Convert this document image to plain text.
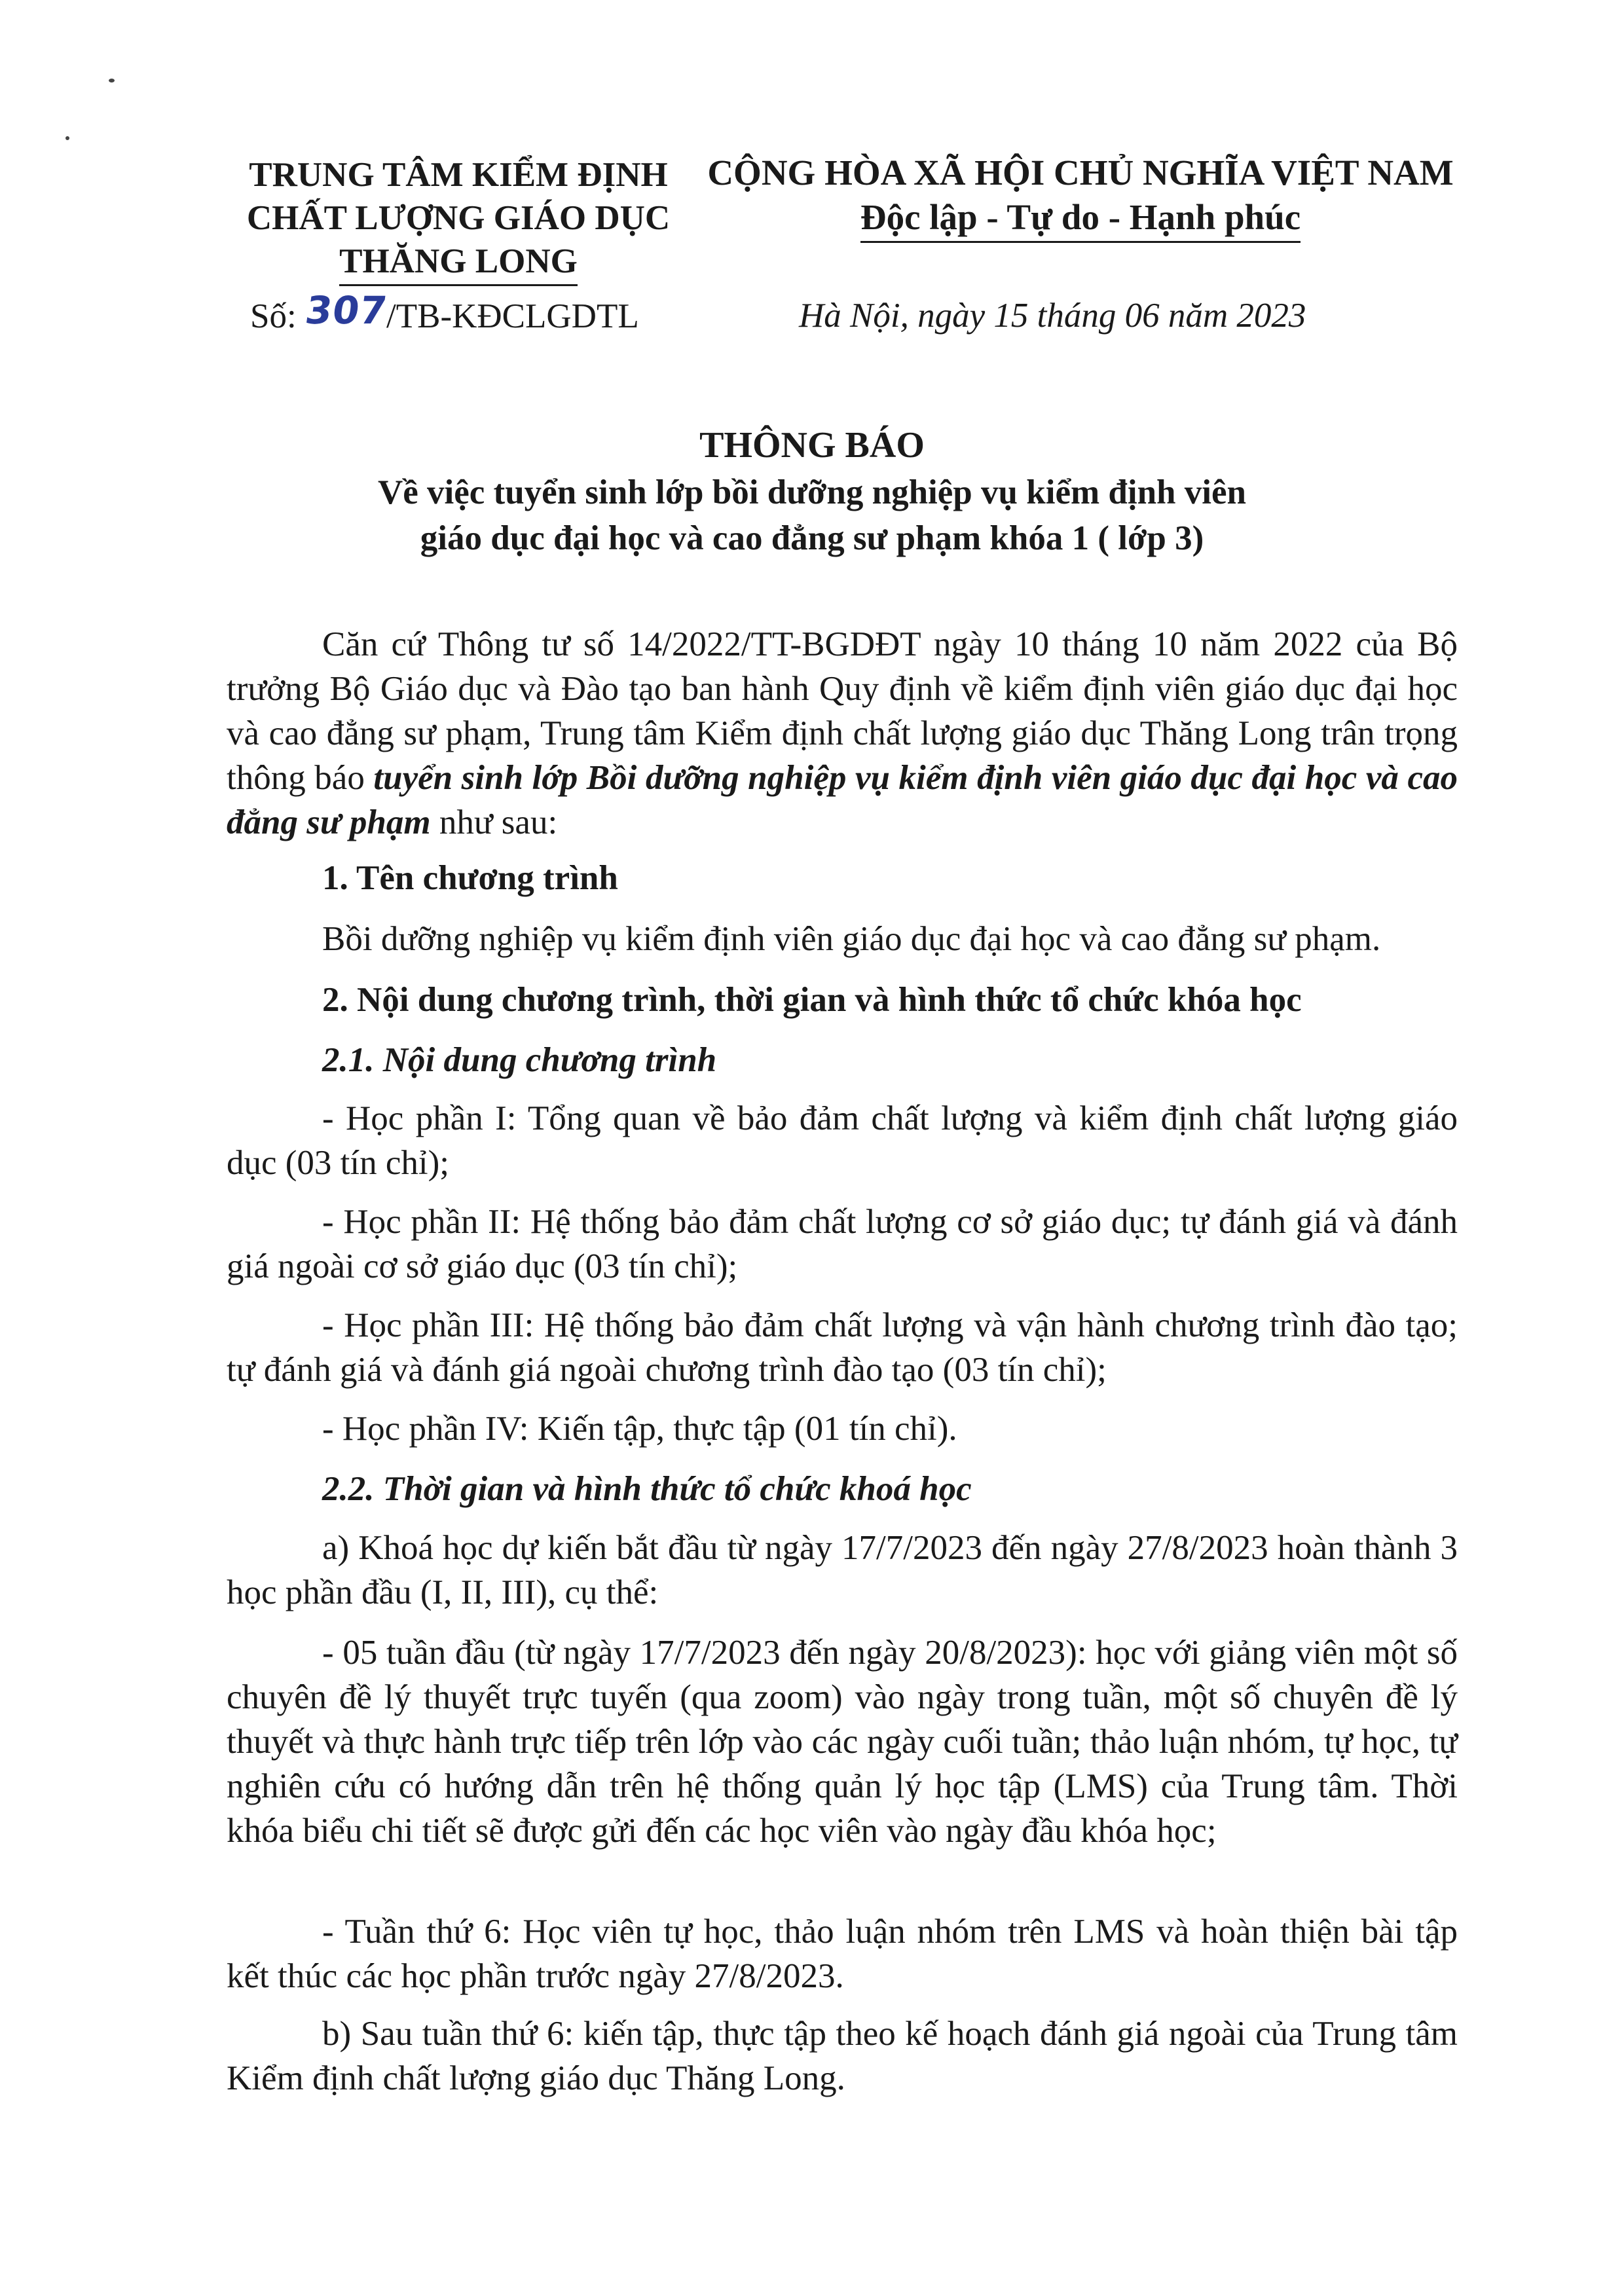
TRUNG TÂM KIỂM ĐỊNH
CHẤT LƯỢNG GIÁO DỤC
THĂNG LONG
CỘNG HÒA XÃ HỘI CHỦ NGHĨA VIỆT NAM
Độc lập - Tự do - Hạnh phúc
Số: 307/TB-KĐCLGDTL	Hà Nội, ngày 15 tháng 06 năm 2023
THÔNG BÁO
Về việc tuyển sinh lớp bồi dưỡng nghiệp vụ kiểm định viên
giáo dục đại học và cao đẳng sư phạm khóa 1 ( lớp 3)
Căn cứ Thông tư số 14/2022/TT-BGDĐT ngày 10 tháng 10 năm 2022 của Bộ trưởng Bộ Giáo dục và Đào tạo ban hành Quy định về kiểm định viên giáo dục đại học và cao đẳng sư phạm, Trung tâm Kiểm định chất lượng giáo dục Thăng Long trân trọng thông báo tuyển sinh lớp Bồi dưỡng nghiệp vụ kiểm định viên giáo dục đại học và cao đẳng sư phạm như sau:
1. Tên chương trình
Bồi dưỡng nghiệp vụ kiểm định viên giáo dục đại học và cao đẳng sư phạm.
2. Nội dung chương trình, thời gian và hình thức tổ chức khóa học
2.1. Nội dung chương trình
- Học phần I: Tổng quan về bảo đảm chất lượng và kiểm định chất lượng giáo dục (03 tín chỉ);
- Học phần II: Hệ thống bảo đảm chất lượng cơ sở giáo dục; tự đánh giá và đánh giá ngoài cơ sở giáo dục (03 tín chỉ);
- Học phần III: Hệ thống bảo đảm chất lượng và vận hành chương trình đào tạo; tự đánh giá và đánh giá ngoài chương trình đào tạo (03 tín chỉ);
- Học phần IV: Kiến tập, thực tập (01 tín chỉ).
2.2. Thời gian và hình thức tổ chức khoá học
a) Khoá học dự kiến bắt đầu từ ngày 17/7/2023 đến ngày 27/8/2023 hoàn thành 3 học phần đầu (I, II, III), cụ thể:
- 05 tuần đầu (từ ngày 17/7/2023 đến ngày 20/8/2023): học với giảng viên một số chuyên đề lý thuyết trực tuyến (qua zoom) vào ngày trong tuần, một số chuyên đề lý thuyết và thực hành trực tiếp trên lớp vào các ngày cuối tuần; thảo luận nhóm, tự học, tự nghiên cứu có hướng dẫn trên hệ thống quản lý học tập (LMS) của Trung tâm. Thời khóa biểu chi tiết sẽ được gửi đến các học viên vào ngày đầu khóa học;
- Tuần thứ 6: Học viên tự học, thảo luận nhóm trên LMS và hoàn thiện bài tập kết thúc các học phần trước ngày 27/8/2023.
b) Sau tuần thứ 6: kiến tập, thực tập theo kế hoạch đánh giá ngoài của Trung tâm Kiểm định chất lượng giáo dục Thăng Long.
